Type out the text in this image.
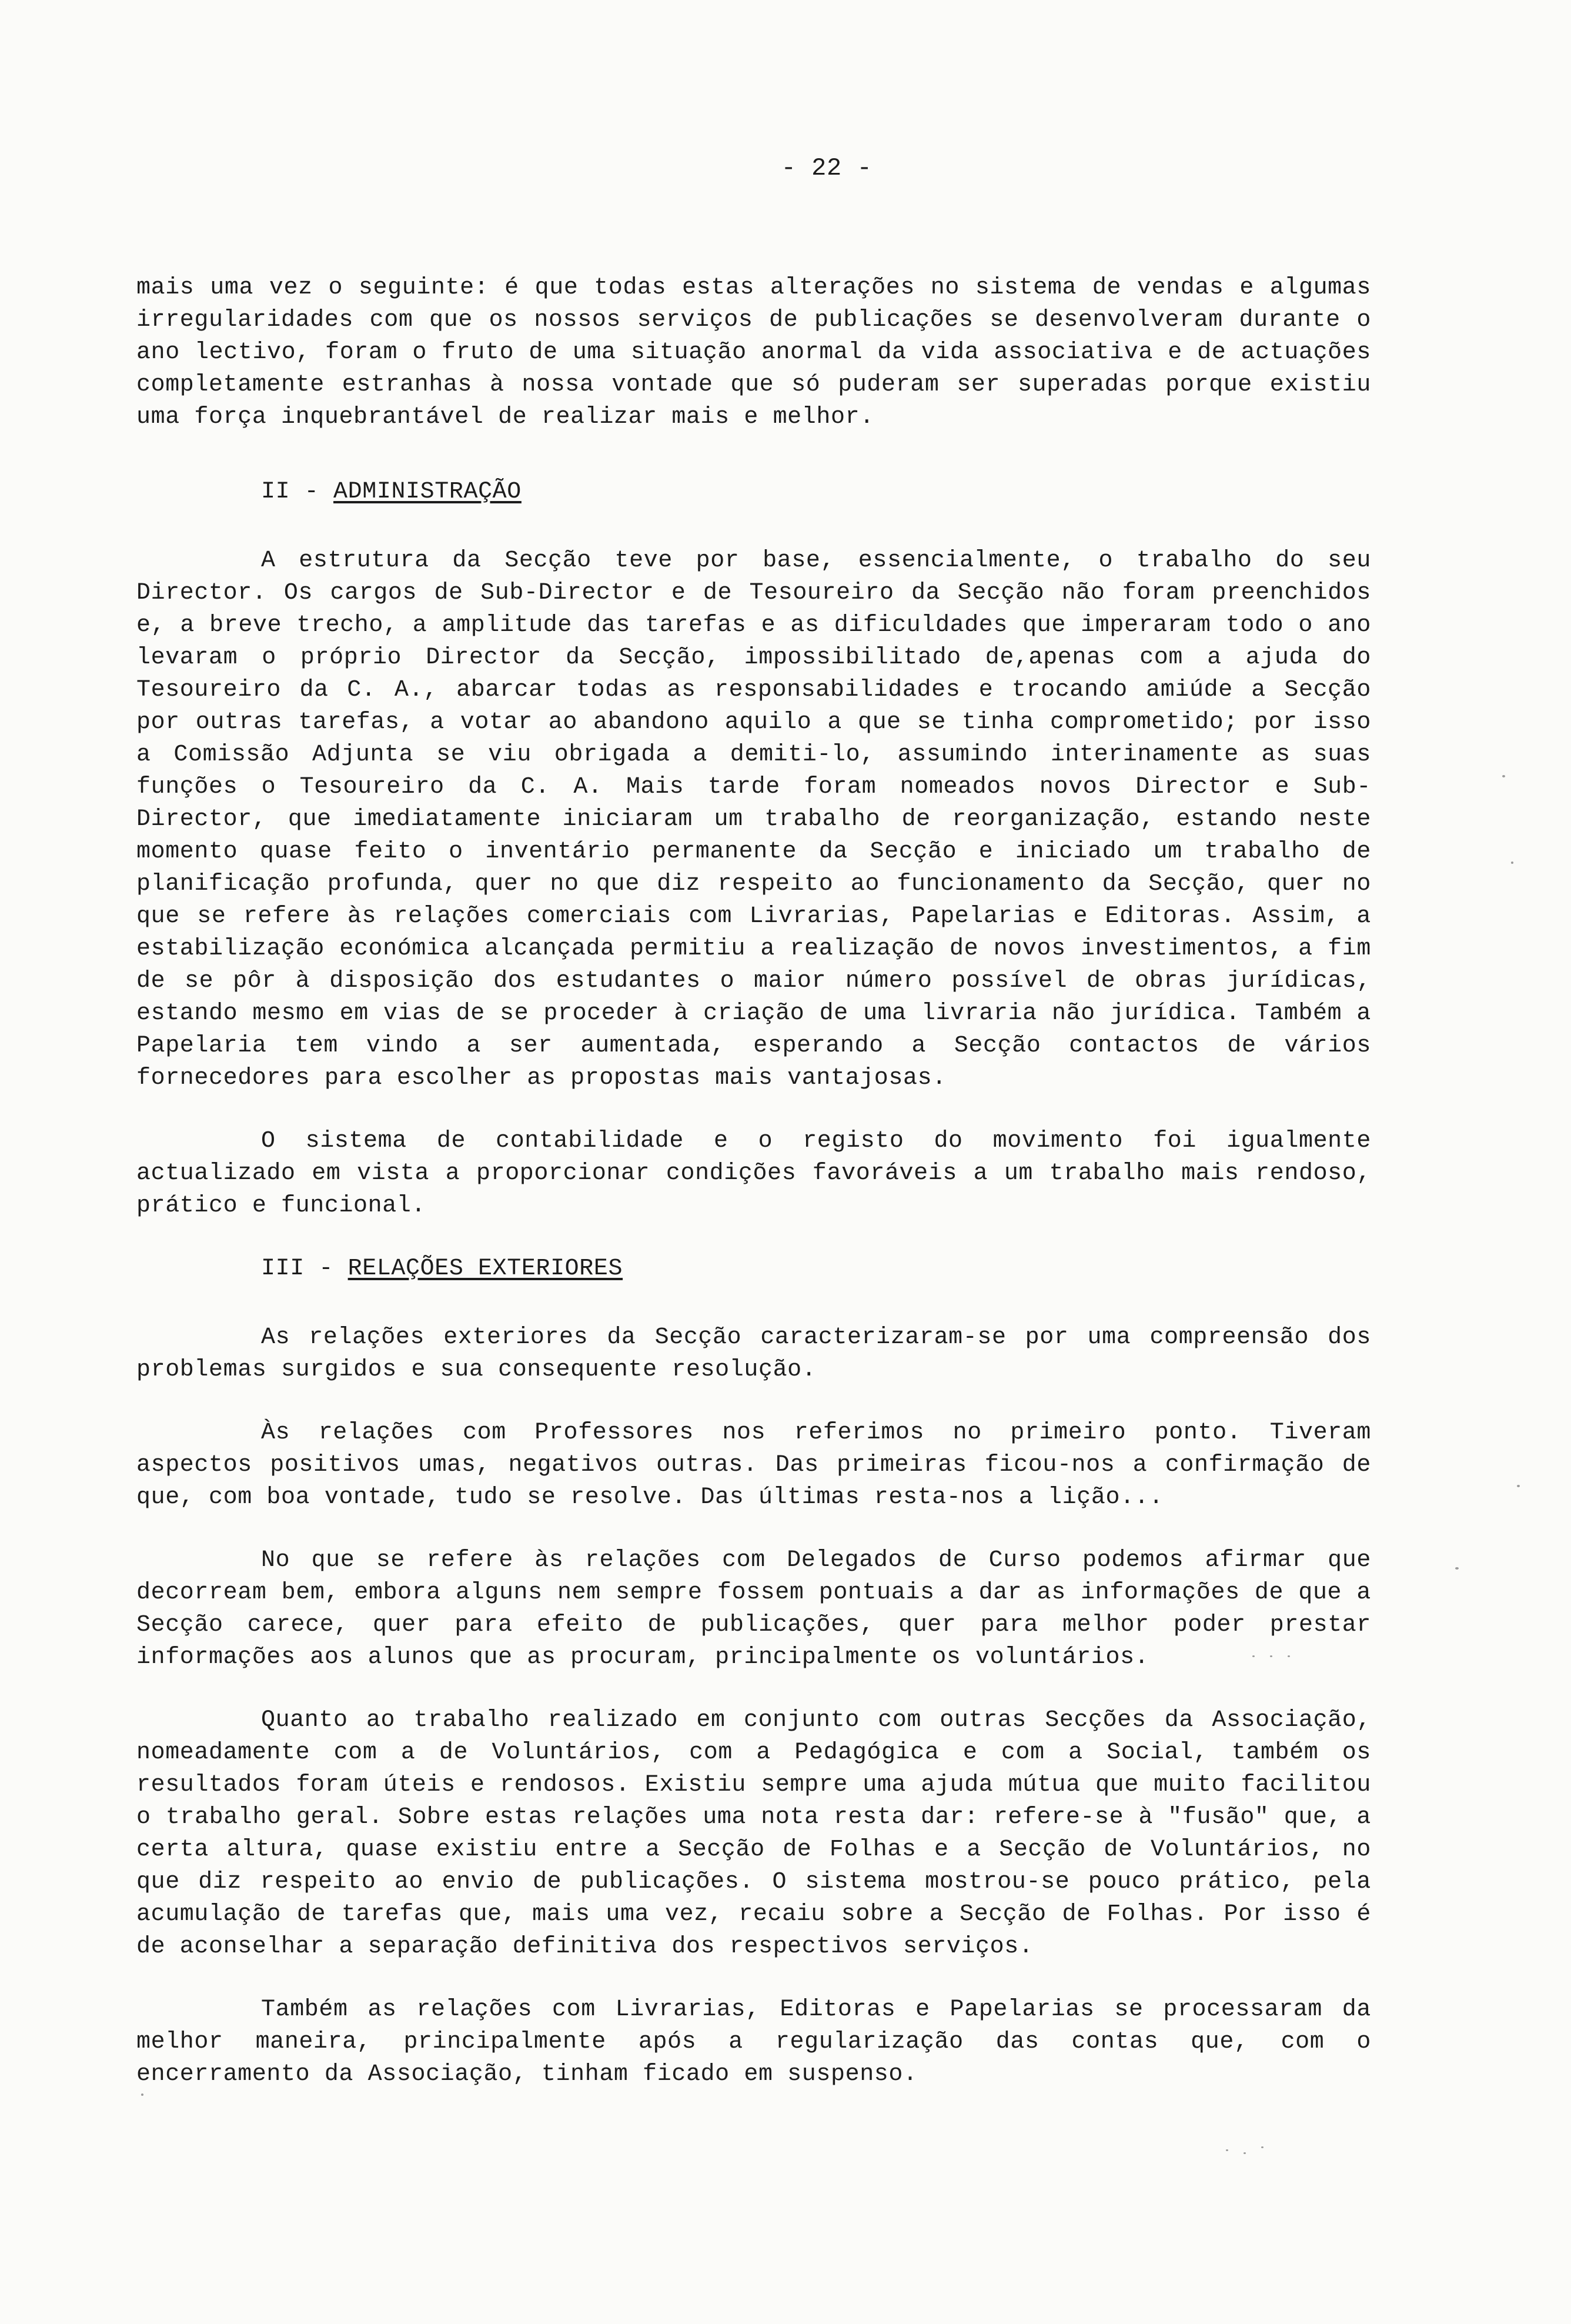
- 22 -

mais uma vez o seguinte: é que todas estas alterações no sistema de vendas e algumas irregularidades com que os nossos serviços de publicações se desenvolveram durante o ano lectivo, foram o fruto de uma situação anormal da vida associativa e de actuações completamente estranhas à nossa vontade que só puderam ser superadas porque existiu uma força inquebrantável de realizar mais e melhor.

II - ADMINISTRAÇÃO

A estrutura da Secção teve por base, essencialmente, o trabalho do seu Director. Os cargos de Sub-Director e de Tesoureiro da Secção não foram preenchidos e, a breve trecho, a amplitude das tarefas e as dificuldades que imperaram todo o ano levaram o próprio Director da Secção, impossibilitado de,apenas com a ajuda do Tesoureiro da C. A., abarcar todas as responsabilidades e trocando amiúde a Secção por outras tarefas, a votar ao abandono aquilo a que se tinha comprometido; por isso a Comissão Adjunta se viu obrigada a demiti-lo, assumindo interinamente as suas funções o Tesoureiro da C. A. Mais tarde foram nomeados novos Director e Sub-Director, que imediatamente iniciaram um trabalho de reorganização, estando neste momento quase feito o inventário permanente da Secção e iniciado um trabalho de planificação profunda, quer no que diz respeito ao funcionamento da Secção, quer no que se refere às relações comerciais com Livrarias, Papelarias e Editoras. Assim, a estabilização económica alcançada permitiu a realização de novos investimentos, a fim de se pôr à disposição dos estudantes o maior número possível de obras jurídicas, estando mesmo em vias de se proceder à criação de uma livraria não jurídica. Também a Papelaria tem vindo a ser aumentada, esperando a Secção contactos de vários fornecedores para escolher as propostas mais vantajosas.

O sistema de contabilidade e o registo do movimento foi igualmente actualizado em vista a proporcionar condições favoráveis a um trabalho mais rendoso, prático e funcional.

III - RELAÇÕES EXTERIORES

As relações exteriores da Secção caracterizaram-se por uma compreensão dos problemas surgidos e sua consequente resolução.

Às relações com Professores nos referimos no primeiro ponto. Tiveram aspectos positivos umas, negativos outras. Das primeiras ficou-nos a confirmação de que, com boa vontade, tudo se resolve. Das últimas resta-nos a lição...

No que se refere às relações com Delegados de Curso podemos afirmar que decorream bem, embora alguns nem sempre fossem pontuais a dar as informações de que a Secção carece, quer para efeito de publicações, quer para melhor poder prestar informações aos alunos que as procuram, principalmente os voluntários.

Quanto ao trabalho realizado em conjunto com outras Secções da Associação, nomeadamente com a de Voluntários, com a Pedagógica e com a Social, também os resultados foram úteis e rendosos. Existiu sempre uma ajuda mútua que muito facilitou o trabalho geral. Sobre estas relações uma nota resta dar: refere-se à "fusão" que, a certa altura, quase existiu entre a Secção de Folhas e a Secção de Voluntários, no que diz respeito ao envio de publicações. O sistema mostrou-se pouco prático, pela acumulação de tarefas que, mais uma vez, recaiu sobre a Secção de Folhas. Por isso é de aconselhar a separação definitiva dos respectivos serviços.

Também as relações com Livrarias, Editoras e Papelarias se processaram da melhor maneira, principalmente após a regularização das contas que, com o encerramento da Associação, tinham ficado em suspenso.
